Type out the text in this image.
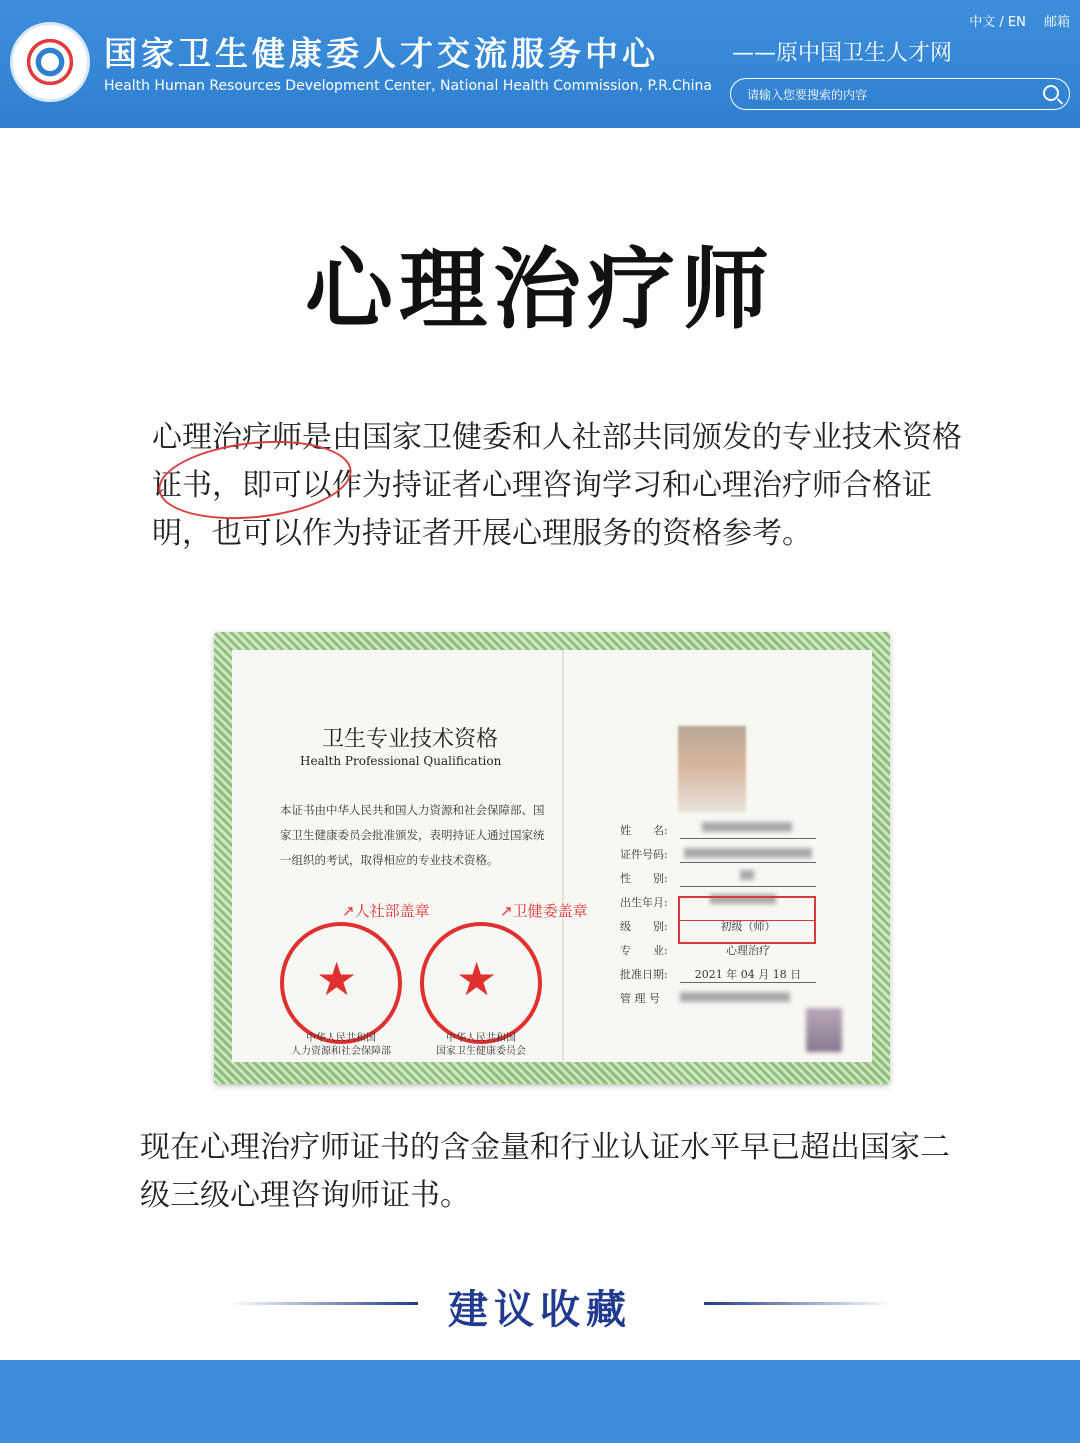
国家卫生健康委人才交流服务中心
Health Human Resources Development Center, National Health Commission, P.R.China
——原中国卫生人才网
中文 / EN 邮箱
请输入您要搜索的内容
心理治疗师
心理治疗师是由国家卫健委和人社部共同颁发的专业技术资格证书，即可以作为持证者心理咨询学习和心理治疗师合格证明，也可以作为持证者开展心理服务的资格参考。
卫生专业技术资格
Health Professional Qualification
本证书由中华人民共和国人力资源和社会保障部、国家卫生健康委员会批准颁发，表明持证人通过国家统一组织的考试，取得相应的专业技术资格。
↗人社部盖章	↗卫健委盖章
★ ★
中华人民共和国
人力资源和社会保障部
中华人民共和国
国家卫生健康委员会
姓　　名:
证件号码:
性　　别:
出生年月:
级　　别:	初级（师）
专　　业:	心理治疗
批准日期:	2021 年 04 月 18 日
管 理 号
现在心理治疗师证书的含金量和行业认证水平早已超出国家二级三级心理咨询师证书。
建议收藏
